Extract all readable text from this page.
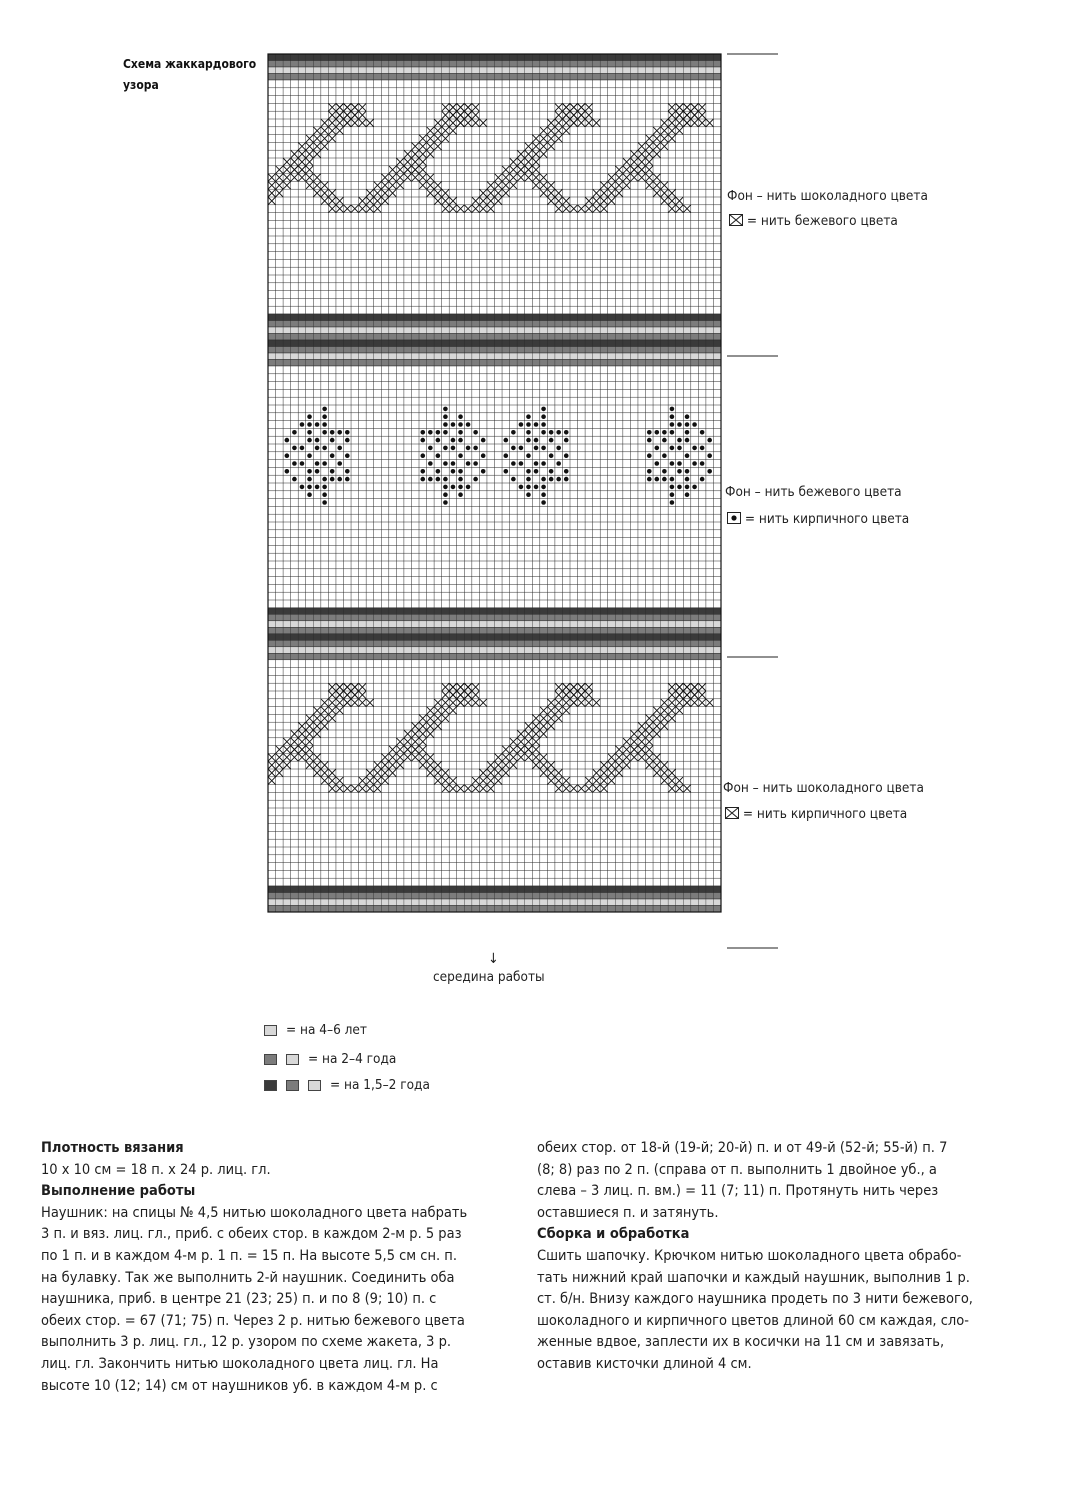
Схема жаккардового
узора
Фон – нить шоколадного цвета
= нить бежевого цвета
Фон – нить бежевого цвета
= нить кирпичного цвета
Фон – нить шоколадного цвета
= нить кирпичного цвета
↓
середина работы
= на 4–6 лет
= на 2–4 года
= на 1,5–2 года
Плотность вязания

10 х 10 см = 18 п. х 24 р. лиц. гл.

Выполнение работы

Наушник: на спицы № 4,5 нитью шоколадного цвета набрать

3 п. и вяз. лиц. гл., приб. с обеих стор. в каждом 2-м р. 5 раз

по 1 п. и в каждом 4-м р. 1 п. = 15 п. На высоте 5,5 см сн. п.

на булавку. Так же выполнить 2-й наушник. Соединить оба

наушника, приб. в центре 21 (23; 25) п. и по 8 (9; 10) п. с

обеих стор. = 67 (71; 75) п. Через 2 р. нитью бежевого цвета

выполнить 3 р. лиц. гл., 12 р. узором по схеме жакета, 3 р.

лиц. гл. Закончить нитью шоколадного цвета лиц. гл. На

высоте 10 (12; 14) см от наушников уб. в каждом 4-м р. с

обеих стор. от 18-й (19-й; 20-й) п. и от 49-й (52-й; 55-й) п. 7

(8; 8) раз по 2 п. (справа от п. выполнить 1 двойное уб., а

слева – 3 лиц. п. вм.) = 11 (7; 11) п. Протянуть нить через

оставшиеся п. и затянуть.

Сборка и обработка

Сшить шапочку. Крючком нитью шоколадного цвета обрабо-

тать нижний край шапочки и каждый наушник, выполнив 1 р.

ст. б/н. Внизу каждого наушника продеть по 3 нити бежевого,

шоколадного и кирпичного цветов длиной 60 см каждая, сло-

женные вдвое, заплести их в косички на 11 см и завязать,

оставив кисточки длиной 4 см.
